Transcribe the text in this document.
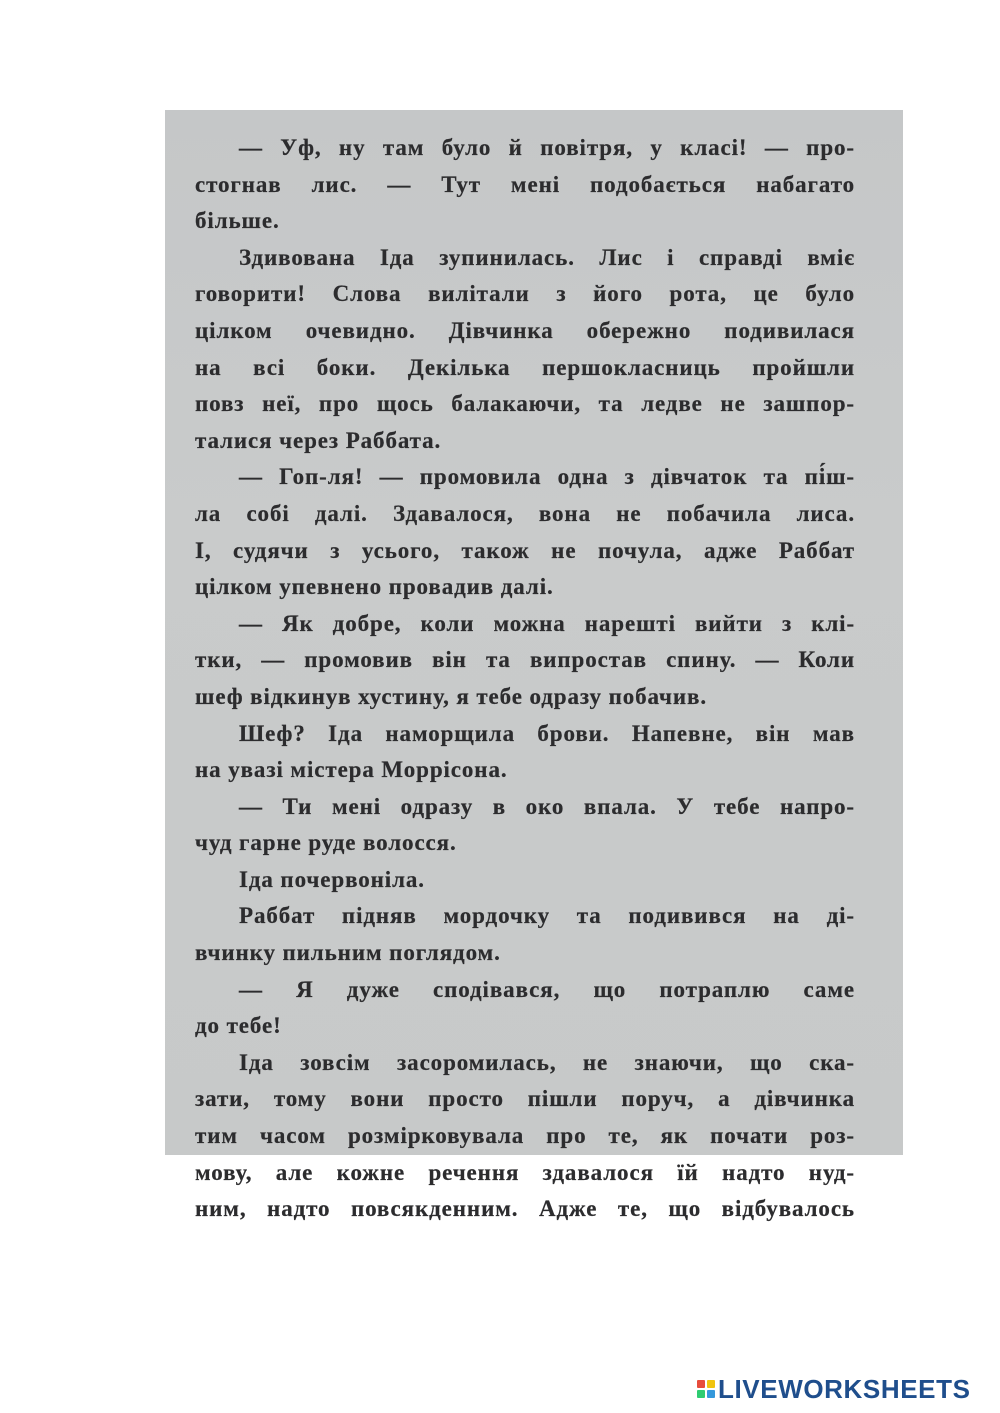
— Уф, ну там було й повітря, у класі! — про-
стогнав лис. — Тут мені подобається набагато
більше.
Здивована Іда зупинилась. Лис і справді вміє
говорити! Слова вилітали з його рота, це було
цілком очевидно. Дівчинка обережно подивилася
на всі боки. Декілька першокласниць пройшли
повз неї, про щось балакаючи, та ледве не зашпор-
талися через Раббата.
— Гоп-ля! — промовила одна з дівчаток та пі́ш-
ла собі далі. Здавалося, вона не побачила лиса.
І, судячи з усього, також не почула, адже Раббат
цілком упевнено провадив далі.
— Як добре, коли можна нарешті вийти з клі-
тки, — промовив він та випростав спину. — Коли
шеф відкинув хустину, я тебе одразу побачив.
Шеф? Іда наморщила брови. Напевне, він мав
на увазі містера Моррісона.
— Ти мені одразу в око впала. У тебе напро-
чуд гарне руде волосся.
Іда почервоніла.
Раббат підняв мордочку та подивився на ді-
вчинку пильним поглядом.
— Я дуже сподівався, що потраплю саме
до тебе!
Іда зовсім засоромилась, не знаючи, що ска-
зати, тому вони просто пішли поруч, а дівчинка
тим часом розмірковувала про те, як почати роз-
мову, але кожне речення здавалося їй надто нуд-
ним, надто повсякденним. Адже те, що відбувалось
LIVEWORKSHEETS
